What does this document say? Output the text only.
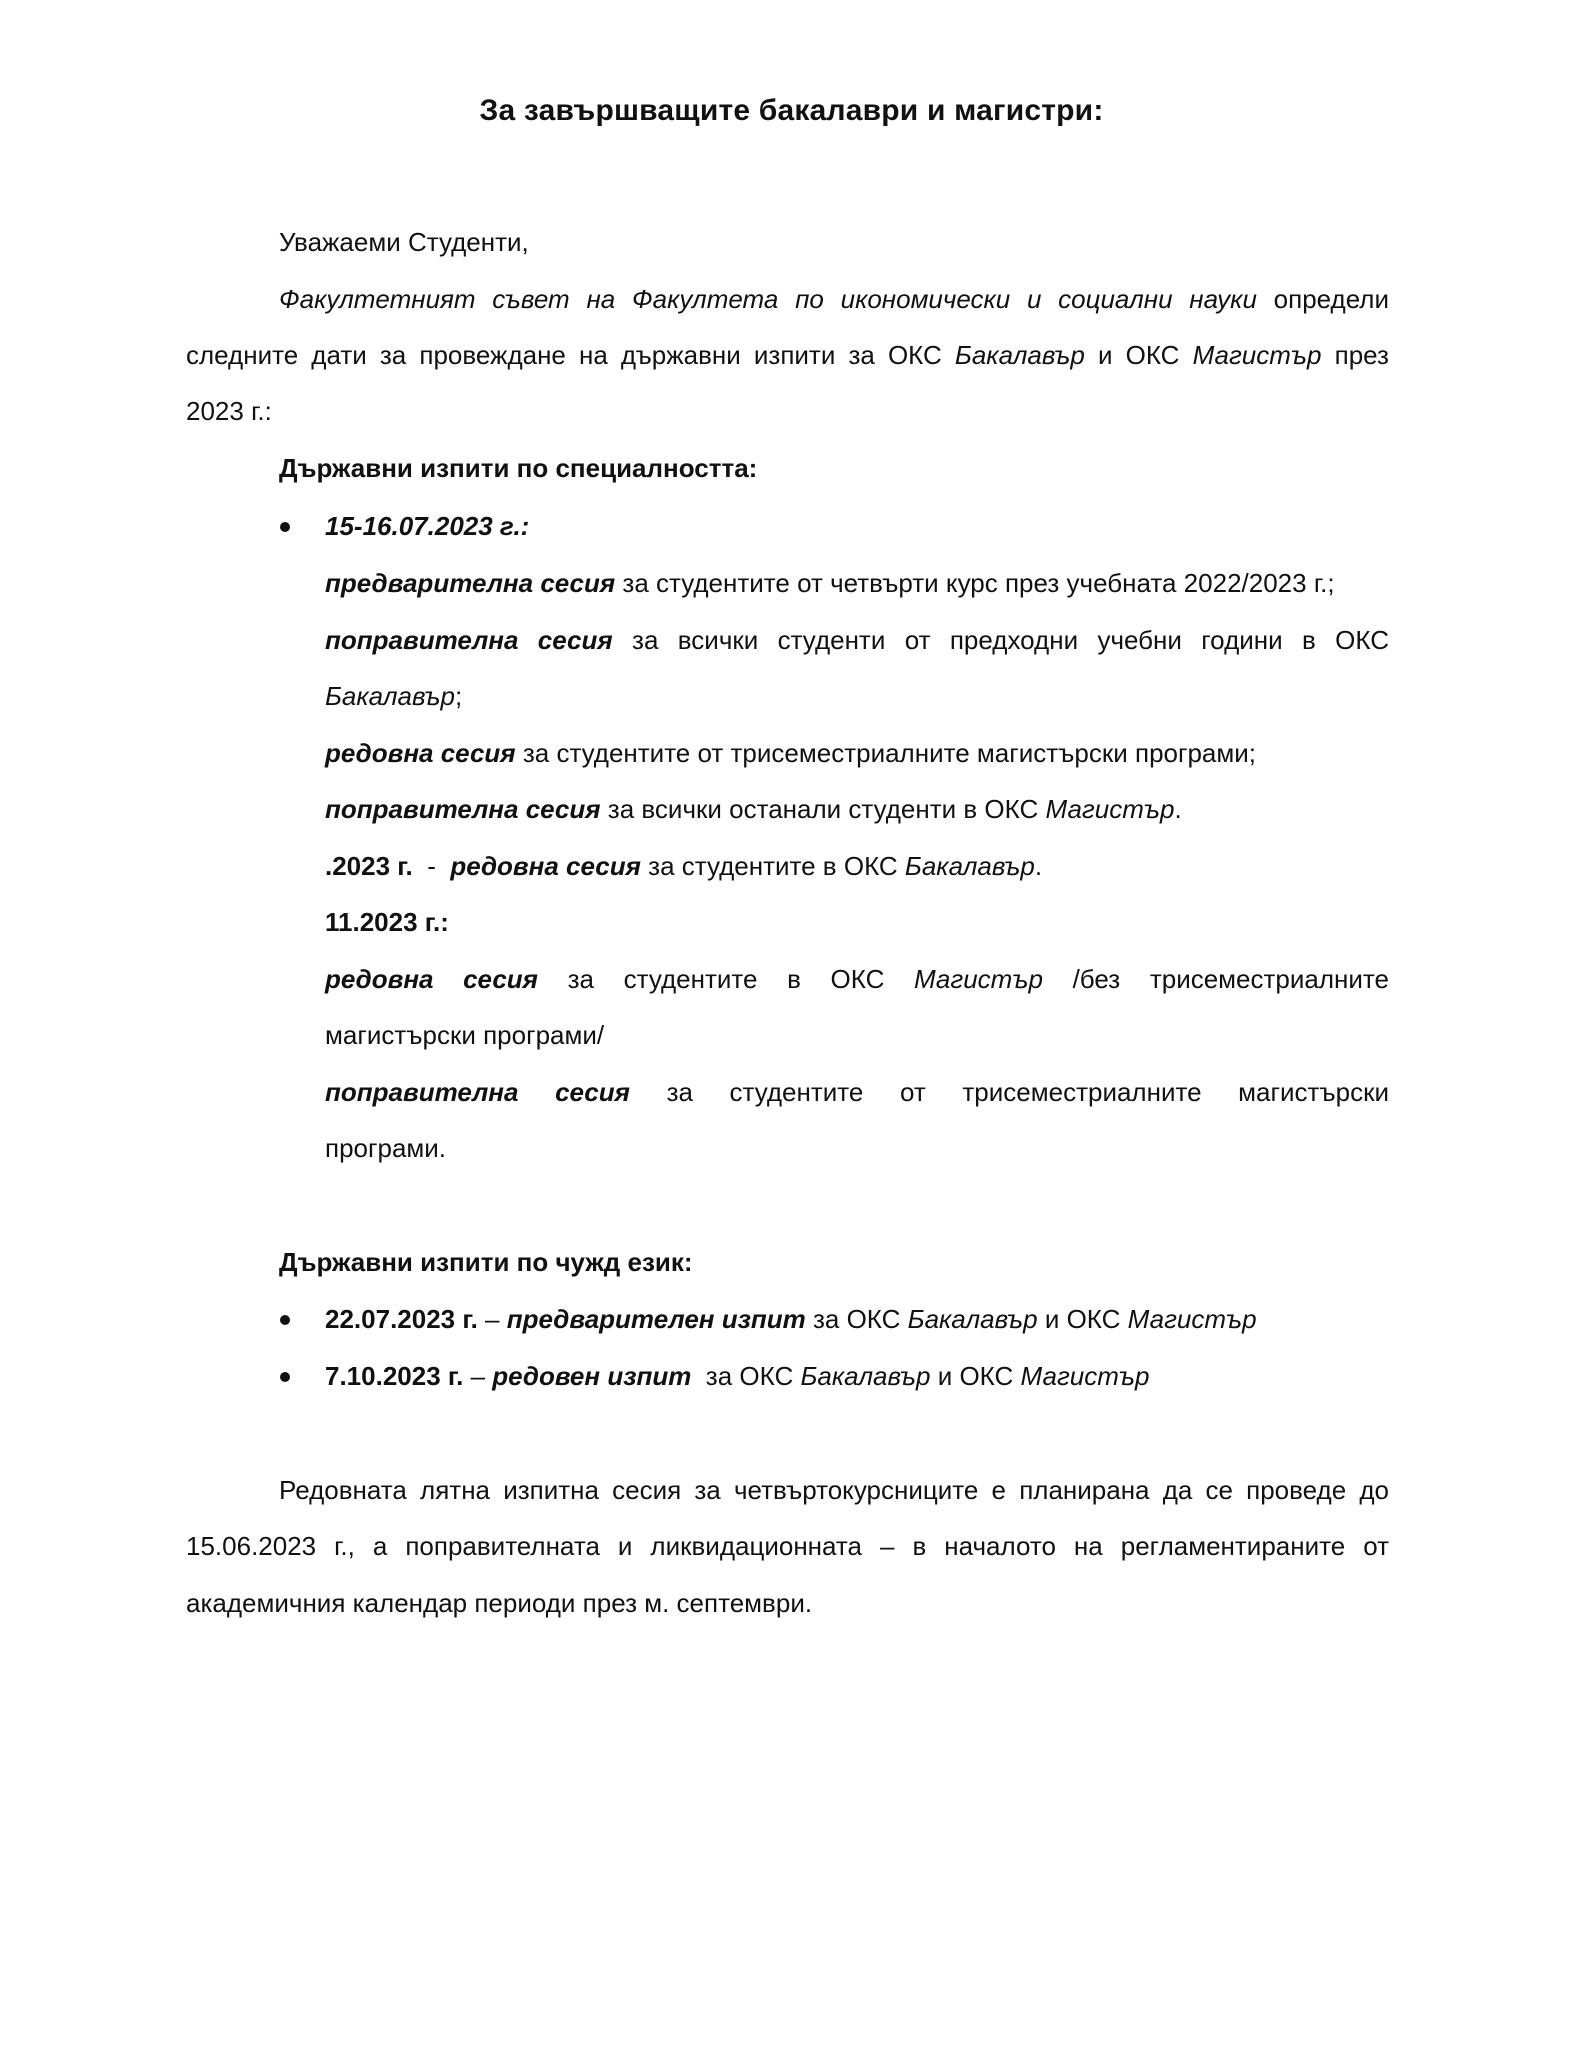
За завършващите бакалаври и магистри:
Уважаеми Студенти,
Факултетният съвет на Факултета по икономически и социални науки определи
следните дати за провеждане на държавни изпити за ОКС Бакалавър и ОКС Магистър през
2023 г.:
Държавни изпити по специалността:
15-16.07.2023 г.:
предварителна сесия за студентите от четвърти курс през учебната 2022/2023 г.;
поправителна сесия за всички студенти от предходни учебни години в ОКС
Бакалавър;
редовна сесия за студентите от трисеместриалните магистърски програми;
поправителна сесия за всички останали студенти в ОКС Магистър.
.2023 г.  -  редовна сесия за студентите в ОКС Бакалавър.
11.2023 г.:
редовна сесия за студентите в ОКС Магистър /без трисеместриалните
магистърски програми/
поправителна сесия за студентите от трисеместриалните магистърски
програми.
Държавни изпити по чужд език:
22.07.2023 г. – предварителен изпит за ОКС Бакалавър и ОКС Магистър
7.10.2023 г. – редовен изпит  за ОКС Бакалавър и ОКС Магистър
Редовната лятна изпитна сесия за четвъртокурсниците е планирана да се проведе до
15.06.2023 г., а поправителната и ликвидационната – в началото на регламентираните от
академичния календар периоди през м. септември.
